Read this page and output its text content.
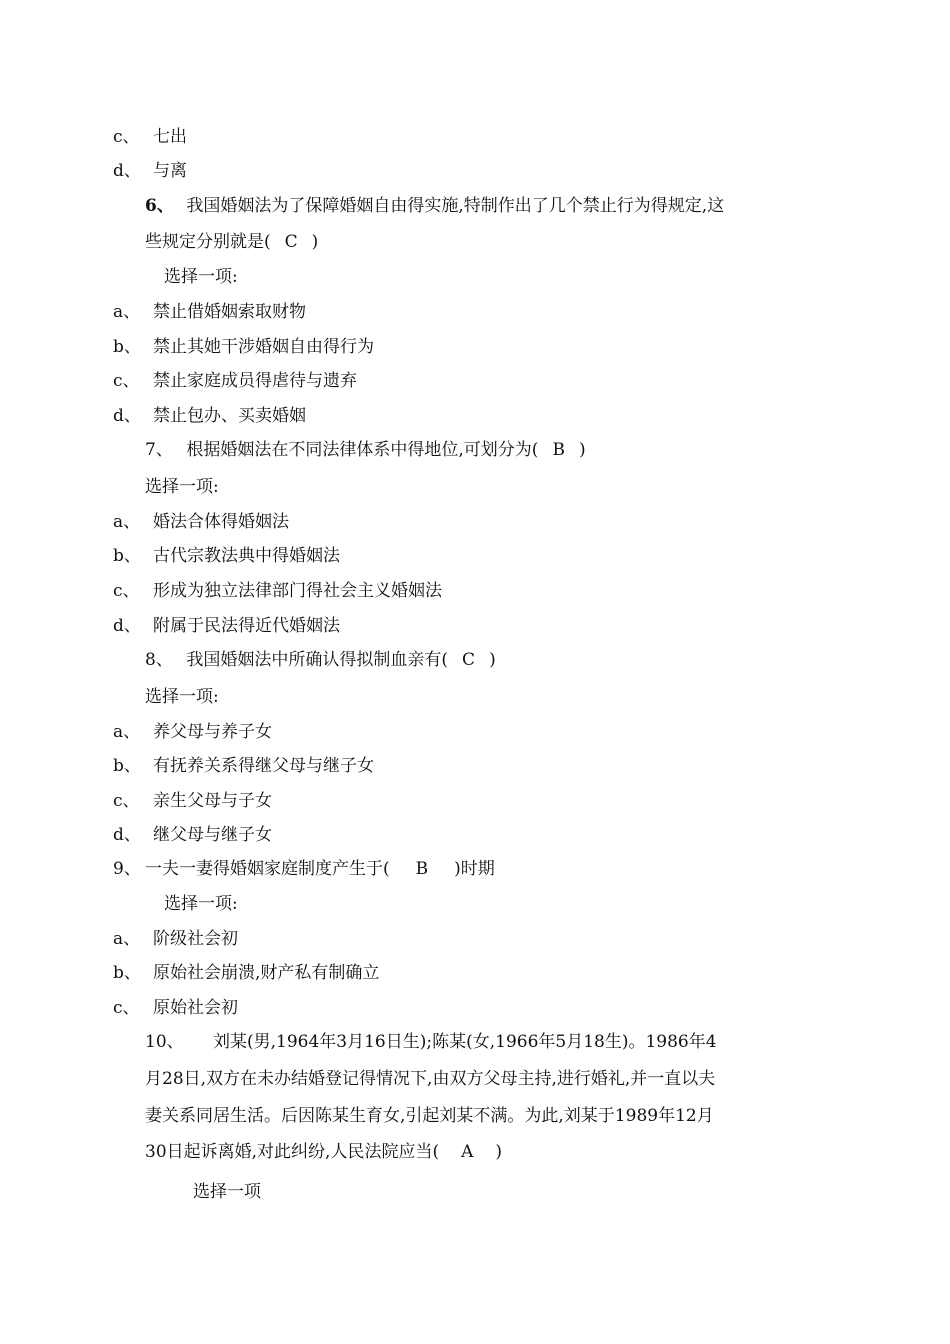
c、 七出
d、 与离
6、 我国婚姻法为了保障婚姻自由得实施,特制作出了几个禁止行为得规定,这
些规定分别就是( C )
选择一项:
a、 禁止借婚姻索取财物
b、 禁止其她干涉婚姻自由得行为
c、 禁止家庭成员得虐待与遗弃
d、 禁止包办、买卖婚姻
7、 根据婚姻法在不同法律体系中得地位,可划分为( B )
选择一项:
a、 婚法合体得婚姻法
b、 古代宗教法典中得婚姻法
c、 形成为独立法律部门得社会主义婚姻法
d、 附属于民法得近代婚姻法
8、 我国婚姻法中所确认得拟制血亲有( C )
选择一项:
a、 养父母与养子女
b、 有抚养关系得继父母与继子女
c、 亲生父母与子女
d、 继父母与继子女
9、 一夫一妻得婚姻家庭制度产生于( B )时期
选择一项:
a、 阶级社会初
b、 原始社会崩溃,财产私有制确立
c、 原始社会初
10、 刘某(男,1964年3月16日生);陈某(女,1966年5月18生)。1986年4
月28日,双方在未办结婚登记得情况下,由双方父母主持,进行婚礼,并一直以夫
妻关系同居生活。后因陈某生育女,引起刘某不满。为此,刘某于1989年12月
30日起诉离婚,对此纠纷,人民法院应当( A )
选择一项
